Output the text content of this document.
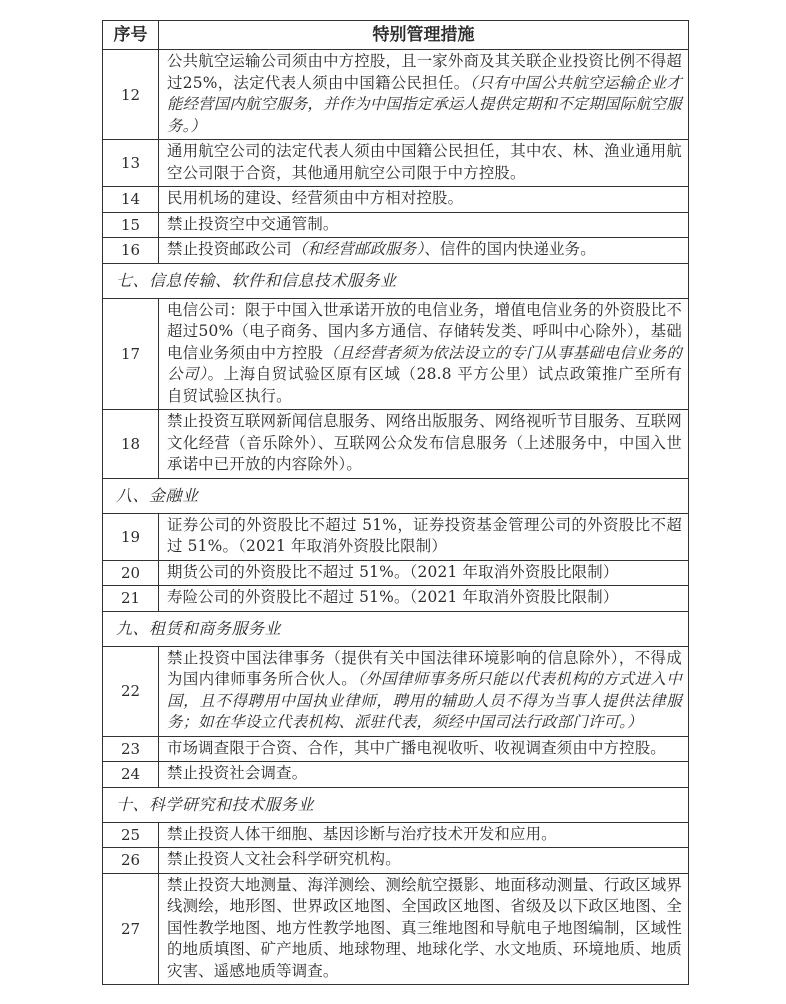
序号	特别管理措施
12	公共航空运输公司须由中方控股，且一家外商及其关联企业投资比例不得超过25%，法定代表人须由中国籍公民担任。（只有中国公共航空运输企业才能经营国内航空服务，并作为中国指定承运人提供定期和不定期国际航空服务。）
13	通用航空公司的法定代表人须由中国籍公民担任，其中农、林、渔业通用航空公司限于合资，其他通用航空公司限于中方控股。
14	民用机场的建设、经营须由中方相对控股。
15	禁止投资空中交通管制。
16	禁止投资邮政公司（和经营邮政服务）、信件的国内快递业务。
七、信息传输、软件和信息技术服务业	
17	电信公司：限于中国入世承诺开放的电信业务，增值电信业务的外资股比不超过50%（电子商务、国内多方通信、存储转发类、呼叫中心除外），基础电信业务须由中方控股（且经营者须为依法设立的专门从事基础电信业务的公司）。上海自贸试验区原有区域（28.8 平方公里）试点政策推广至所有自贸试验区执行。
18	禁止投资互联网新闻信息服务、网络出版服务、网络视听节目服务、互联网文化经营（音乐除外）、互联网公众发布信息服务（上述服务中，中国入世承诺中已开放的内容除外）。
八、金融业	
19	证券公司的外资股比不超过 51%，证券投资基金管理公司的外资股比不超过 51%。（2021 年取消外资股比限制）
20	期货公司的外资股比不超过 51%。（2021 年取消外资股比限制）
21	寿险公司的外资股比不超过 51%。（2021 年取消外资股比限制）
九、租赁和商务服务业	
22	禁止投资中国法律事务（提供有关中国法律环境影响的信息除外），不得成为国内律师事务所合伙人。（外国律师事务所只能以代表机构的方式进入中国，且不得聘用中国执业律师，聘用的辅助人员不得为当事人提供法律服务；如在华设立代表机构、派驻代表，须经中国司法行政部门许可。）
23	市场调查限于合资、合作，其中广播电视收听、收视调查须由中方控股。
24	禁止投资社会调查。
十、科学研究和技术服务业	
25	禁止投资人体干细胞、基因诊断与治疗技术开发和应用。
26	禁止投资人文社会科学研究机构。
27	禁止投资大地测量、海洋测绘、测绘航空摄影、地面移动测量、行政区域界线测绘，地形图、世界政区地图、全国政区地图、省级及以下政区地图、全国性教学地图、地方性教学地图、真三维地图和导航电子地图编制，区域性的地质填图、矿产地质、地球物理、地球化学、水文地质、环境地质、地质灾害、遥感地质等调查。
